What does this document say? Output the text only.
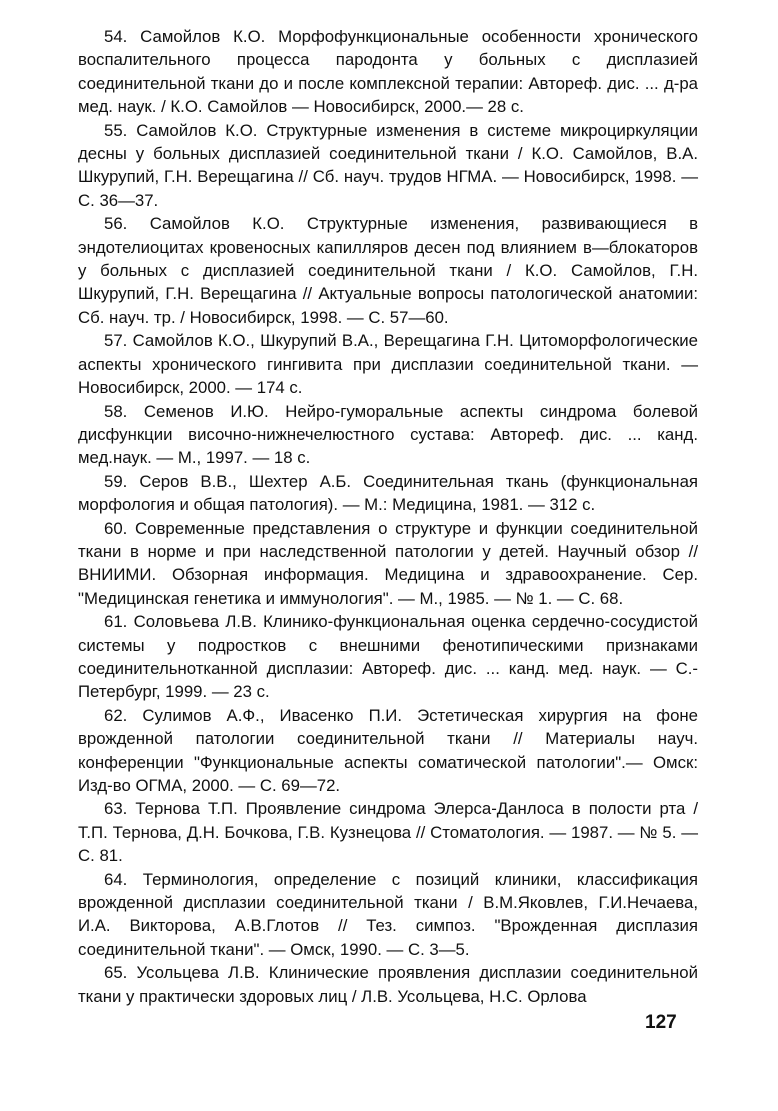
54. Самойлов К.О. Морфофункциональные особенности хронического воспалительного процесса пародонта у больных с дисплазией соединительной ткани до и после комплексной терапии: Автореф. дис. ... д-ра мед. наук. / К.О. Самойлов — Новосибирск, 2000.— 28 с.

55. Самойлов К.О. Структурные изменения в системе микроциркуляции десны у больных дисплазией соединительной ткани / К.О. Самойлов, В.А. Шкурупий, Г.Н. Верещагина // Сб. науч. трудов НГМА. — Новосибирск, 1998. — С. 36—37.

56. Самойлов К.О. Структурные изменения, развивающиеся в эндотелиоцитах кровеносных капилляров десен под влиянием в—блокаторов у больных с дисплазией соединительной ткани / К.О. Самойлов, Г.Н. Шкурупий, Г.Н. Верещагина // Актуальные вопросы патологической анатомии: Сб. науч. тр. / Новосибирск, 1998. — С. 57—60.

57. Самойлов К.О., Шкурупий В.А., Верещагина Г.Н. Цитоморфологические аспекты хронического гингивита при дисплазии соединительной ткани. — Новосибирск, 2000. — 174 с.

58. Семенов И.Ю. Нейро-гуморальные аспекты синдрома болевой дисфункции височно-нижнечелюстного сустава: Автореф. дис. ... канд. мед.наук. — М., 1997. — 18 с.

59. Серов В.В., Шехтер А.Б. Соединительная ткань (функциональная морфология и общая патология). — М.: Медицина, 1981. — 312 с.

60. Современные представления о структуре и функции соединительной ткани в норме и при наследственной патологии у детей. Научный обзор // ВНИИМИ. Обзорная информация. Медицина и здравоохранение. Сер. "Медицинская генетика и иммунология". — М., 1985. — № 1. — С. 68.

61. Соловьева Л.В. Клинико-функциональная оценка сердечно-сосудистой системы у подростков с внешними фенотипическими признаками соединительнотканной дисплазии: Автореф. дис. ... канд. мед. наук. — С.-Петербург, 1999. — 23 с.

62. Сулимов А.Ф., Ивасенко П.И. Эстетическая хирургия на фоне врожденной патологии соединительной ткани // Материалы науч. конференции "Функциональные аспекты соматической патологии".— Омск: Изд-во ОГМА, 2000. — С. 69—72.

63. Тернова Т.П. Проявление синдрома Элерса-Данлоса в полости рта / Т.П. Тернова, Д.Н. Бочкова, Г.В. Кузнецова // Стоматология. — 1987. — № 5. — С. 81.

64. Терминология, определение с позиций клиники, классификация врожденной дисплазии соединительной ткани / В.М.Яковлев, Г.И.Нечаева, И.А. Викторова, А.В.Глотов // Тез. симпоз. "Врожденная дисплазия соединительной ткани". — Омск, 1990. — С. 3—5.

65. Усольцева Л.В. Клинические проявления дисплазии соединительной ткани у практически здоровых лиц / Л.В. Усольцева, Н.С. Орлова

127
